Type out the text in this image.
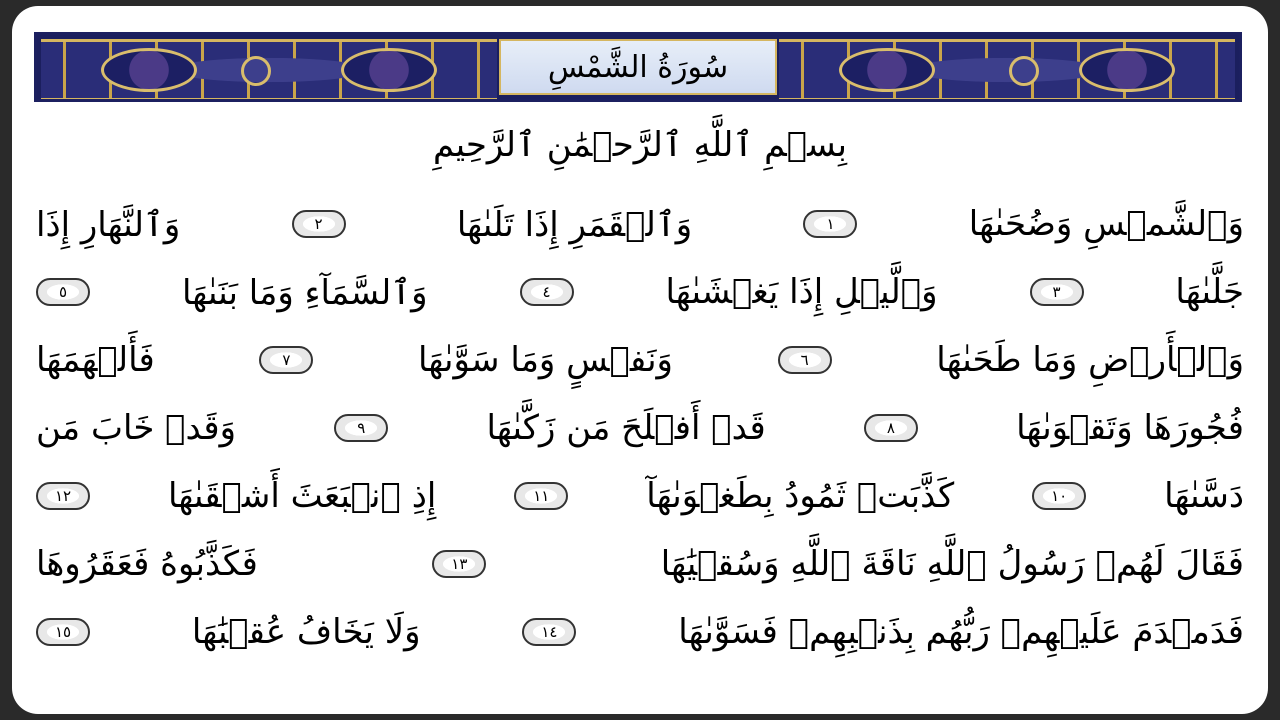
سُورَةُ الشَّمْسِ
بِسۡمِ ٱللَّهِ ٱلرَّحۡمَٰنِ ٱلرَّحِيمِ
وَٱلشَّمۡسِ وَضُحَىٰهَا
١
وَٱلۡقَمَرِ إِذَا تَلَىٰهَا
٢
وَٱلنَّهَارِ إِذَا
جَلَّىٰهَا
٣
وَٱلَّيۡلِ إِذَا يَغۡشَىٰهَا
٤
وَٱلسَّمَآءِ وَمَا بَنَىٰهَا
٥
وَٱلۡأَرۡضِ وَمَا طَحَىٰهَا
٦
وَنَفۡسٍ وَمَا سَوَّىٰهَا
٧
فَأَلۡهَمَهَا
فُجُورَهَا وَتَقۡوَىٰهَا
٨
قَدۡ أَفۡلَحَ مَن زَكَّىٰهَا
٩
وَقَدۡ خَابَ مَن
دَسَّىٰهَا
١٠
كَذَّبَتۡ ثَمُودُ بِطَغۡوَىٰهَآ
١١
إِذِ ٱنۢبَعَثَ أَشۡقَىٰهَا
١٢
فَقَالَ لَهُمۡ رَسُولُ ٱللَّهِ نَاقَةَ ٱللَّهِ وَسُقۡيَٰهَا
١٣
فَكَذَّبُوهُ فَعَقَرُوهَا
فَدَمۡدَمَ عَلَيۡهِمۡ رَبُّهُم بِذَنۢبِهِمۡ فَسَوَّىٰهَا
١٤
وَلَا يَخَافُ عُقۡبَٰهَا
١٥
